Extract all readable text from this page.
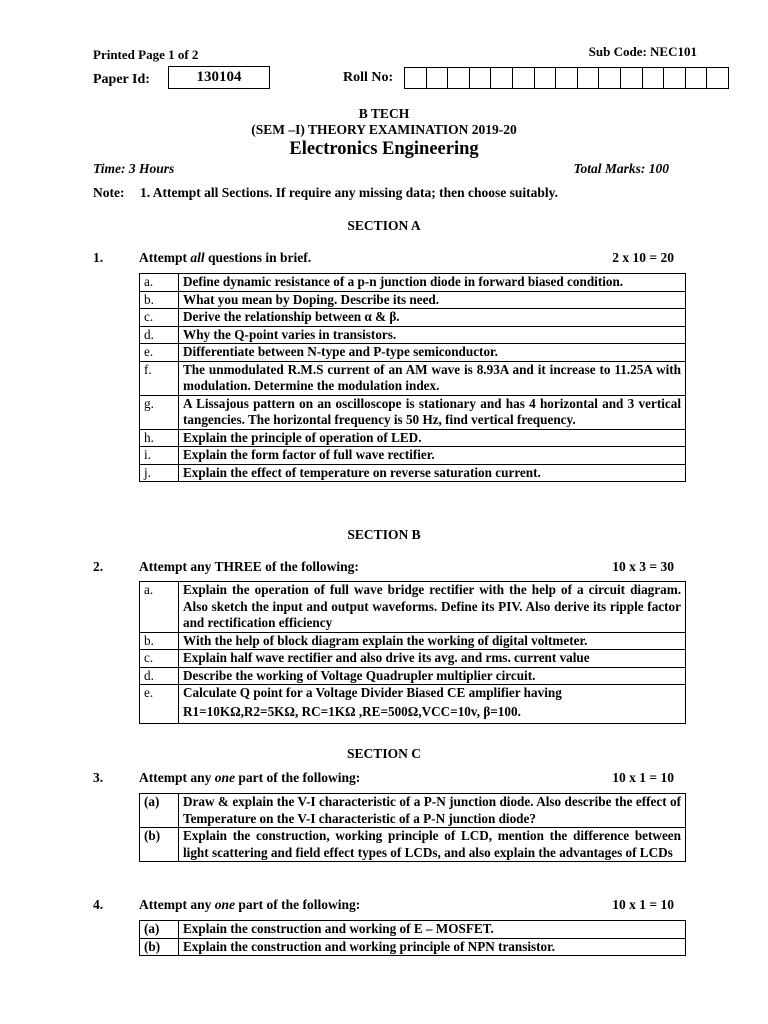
Printed Page 1 of 2	Sub Code: NEC101
Paper Id:	130104	Roll No:
B TECH
(SEM –I) THEORY EXAMINATION 2019-20
Electronics Engineering
Time: 3 Hours	Total Marks: 100
Note: 1. Attempt all Sections. If require any missing data; then choose suitably.
SECTION A
1.	Attempt all questions in brief.	2 x 10 = 20
a.	Define dynamic resistance of a p-n junction diode in forward biased condition.
b.	What you mean by Doping. Describe its need.
c.	Derive the relationship between α & β.
d.	Why the Q-point varies in transistors.
e.	Differentiate between N-type and P-type semiconductor.
f.	The unmodulated R.M.S current of an AM wave is 8.93A and it increase to 11.25A with modulation. Determine the modulation index.
g.	A Lissajous pattern on an oscilloscope is stationary and has 4 horizontal and 3 vertical tangencies. The horizontal frequency is 50 Hz, find vertical frequency.
h.	Explain the principle of operation of LED.
i.	Explain the form factor of full wave rectifier.
j.	Explain the effect of temperature on reverse saturation current.
SECTION B
2.	Attempt any THREE of the following:	10 x 3 = 30
a.	Explain the operation of full wave bridge rectifier with the help of a circuit diagram. Also sketch the input and output waveforms. Define its PIV. Also derive its ripple factor and rectification efficiency
b.	With the help of block diagram explain the working of digital voltmeter.
c.	Explain half wave rectifier and also drive its avg. and rms. current value
d.	Describe the working of Voltage Quadrupler multiplier circuit.
e.	Calculate Q point for a Voltage Divider Biased CE amplifier having
R1=10KΩ,R2=5KΩ, RC=1KΩ ,RE=500Ω,VCC=10v, β=100.
SECTION C
3.	Attempt any one part of the following:	10 x 1 = 10
(a)	Draw & explain the V-I characteristic of a P-N junction diode. Also describe the effect of Temperature on the V-I characteristic of a P-N junction diode?
(b)	Explain the construction, working principle of LCD, mention the difference between light scattering and field effect types of LCDs, and also explain the advantages of LCDs
4.	Attempt any one part of the following:	10 x 1 = 10
(a)	Explain the construction and working of E – MOSFET.
(b)	Explain the construction and working principle of NPN transistor.
